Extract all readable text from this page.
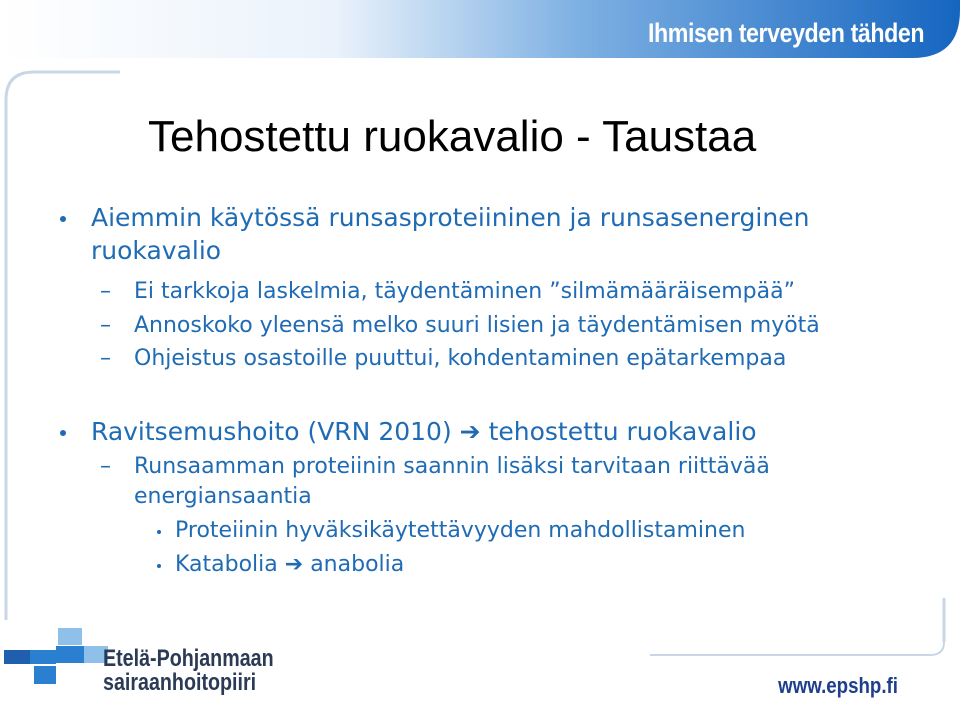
Ihmisen terveyden tähden
Tehostettu ruokavalio - Taustaa
Aiemmin käytössä runsasproteiininen ja runsasenerginen
ruokavalio
– Ei tarkkoja laskelmia, täydentäminen ”silmämääräisempää”
– Annoskoko yleensä melko suuri lisien ja täydentämisen myötä
– Ohjeistus osastoille puuttui, kohdentaminen epätarkempaa
Ravitsemushoito (VRN 2010) ➔ tehostettu ruokavalio
– Runsaamman proteiinin saannin lisäksi tarvitaan riittävää
energiansaantia
Proteiinin hyväksikäytettävyyden mahdollistaminen
Katabolia ➔ anabolia
Etelä-Pohjanmaan
sairaanhoitopiiri	www.epshp.fi
